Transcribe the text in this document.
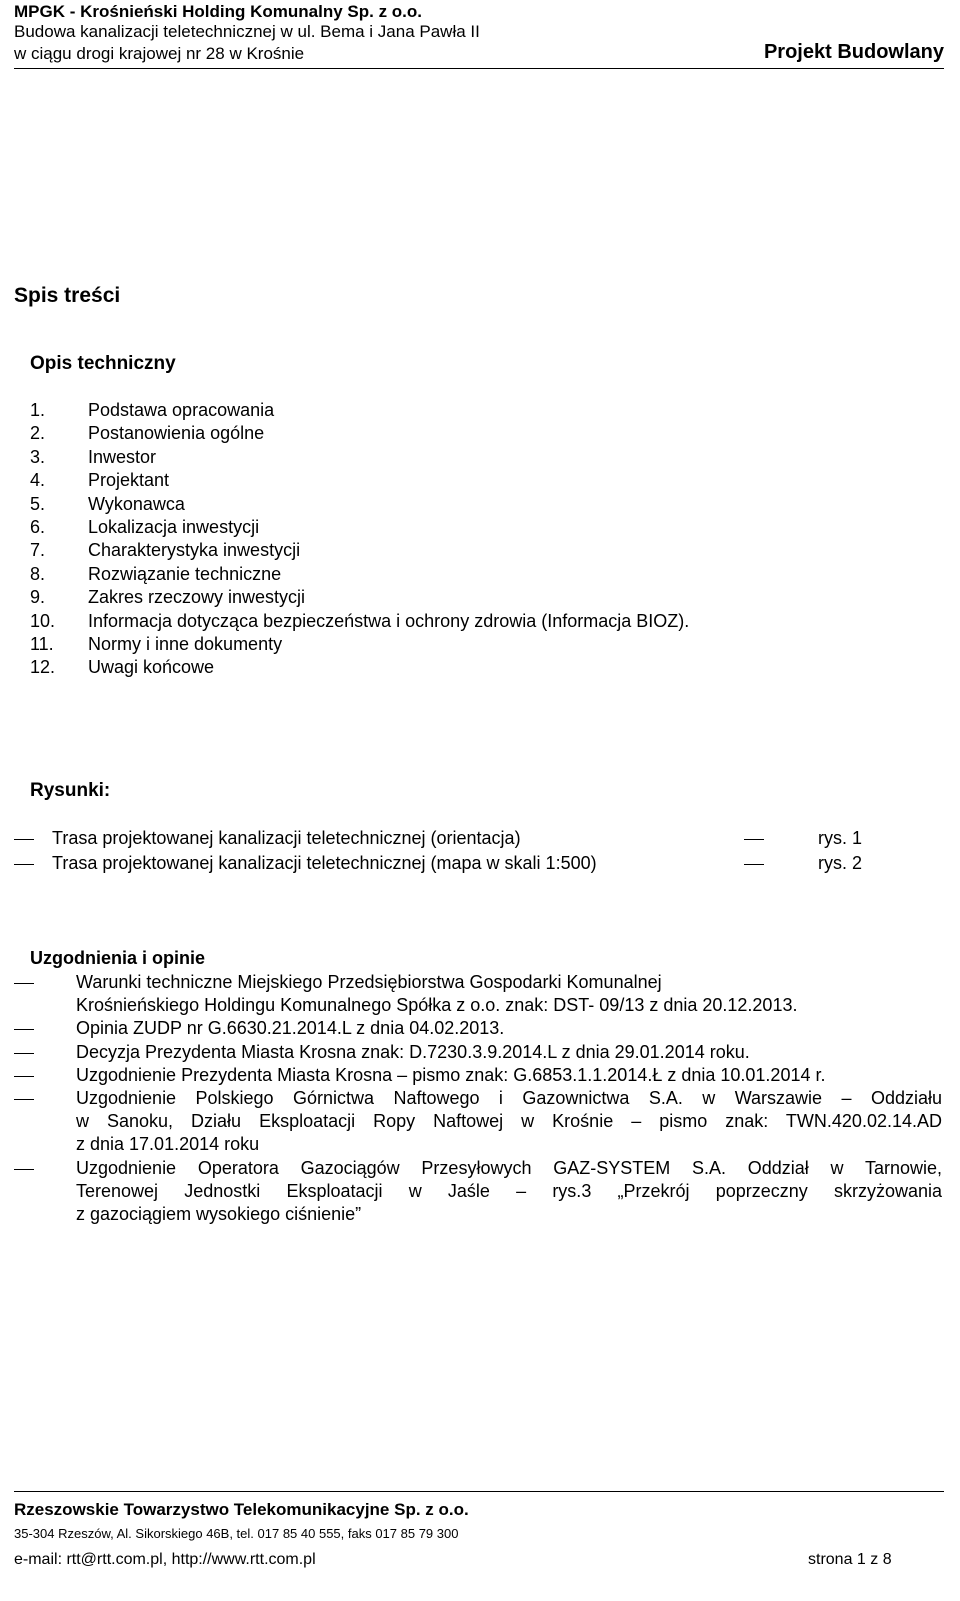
MPGK - Krośnieński Holding Komunalny Sp. z o.o.
Budowa kanalizacji teletechnicznej w ul. Bema i Jana Pawła II
w ciągu drogi krajowej nr 28 w Krośnie	Projekt Budowlany
Spis treści
Opis techniczny
1. Podstawa opracowania
2. Postanowienia ogólne
3. Inwestor
4. Projektant
5. Wykonawca
6. Lokalizacja inwestycji
7. Charakterystyka inwestycji
8. Rozwiązanie techniczne
9. Zakres rzeczowy inwestycji
10. Informacja dotycząca bezpieczeństwa i ochrony zdrowia (Informacja BIOZ).
11. Normy i inne dokumenty
12. Uwagi końcowe
Rysunki:
Trasa projektowanej kanalizacji teletechnicznej (orientacja)	rys. 1
Trasa projektowanej kanalizacji teletechnicznej (mapa w skali 1:500)	rys. 2
Uzgodnienia i opinie
Warunki techniczne Miejskiego Przedsiębiorstwa Gospodarki Komunalnej
Krośnieńskiego Holdingu Komunalnego Spółka z o.o. znak: DST- 09/13 z dnia 20.12.2013.
Opinia ZUDP nr G.6630.21.2014.L z dnia 04.02.2013.
Decyzja Prezydenta Miasta Krosna znak: D.7230.3.9.2014.L z dnia 29.01.2014 roku.
Uzgodnienie Prezydenta Miasta Krosna – pismo znak: G.6853.1.1.2014.Ł z dnia 10.01.2014 r.
Uzgodnienie Polskiego Górnictwa Naftowego i Gazownictwa S.A. w Warszawie – Oddziału
w Sanoku, Działu Eksploatacji Ropy Naftowej w Krośnie – pismo znak: TWN.420.02.14.AD
z dnia 17.01.2014 roku
Uzgodnienie Operatora Gazociągów Przesyłowych GAZ-SYSTEM S.A. Oddział w Tarnowie,
Terenowej Jednostki Eksploatacji w Jaśle – rys.3 „Przekrój poprzeczny skrzyżowania
z gazociągiem wysokiego ciśnienie”
Rzeszowskie Towarzystwo Telekomunikacyjne Sp. z o.o.
35-304 Rzeszów, Al. Sikorskiego 46B, tel. 017 85 40 555, faks 017 85 79 300
e-mail: rtt@rtt.com.pl, http://www.rtt.com.pl	strona 1 z 8
